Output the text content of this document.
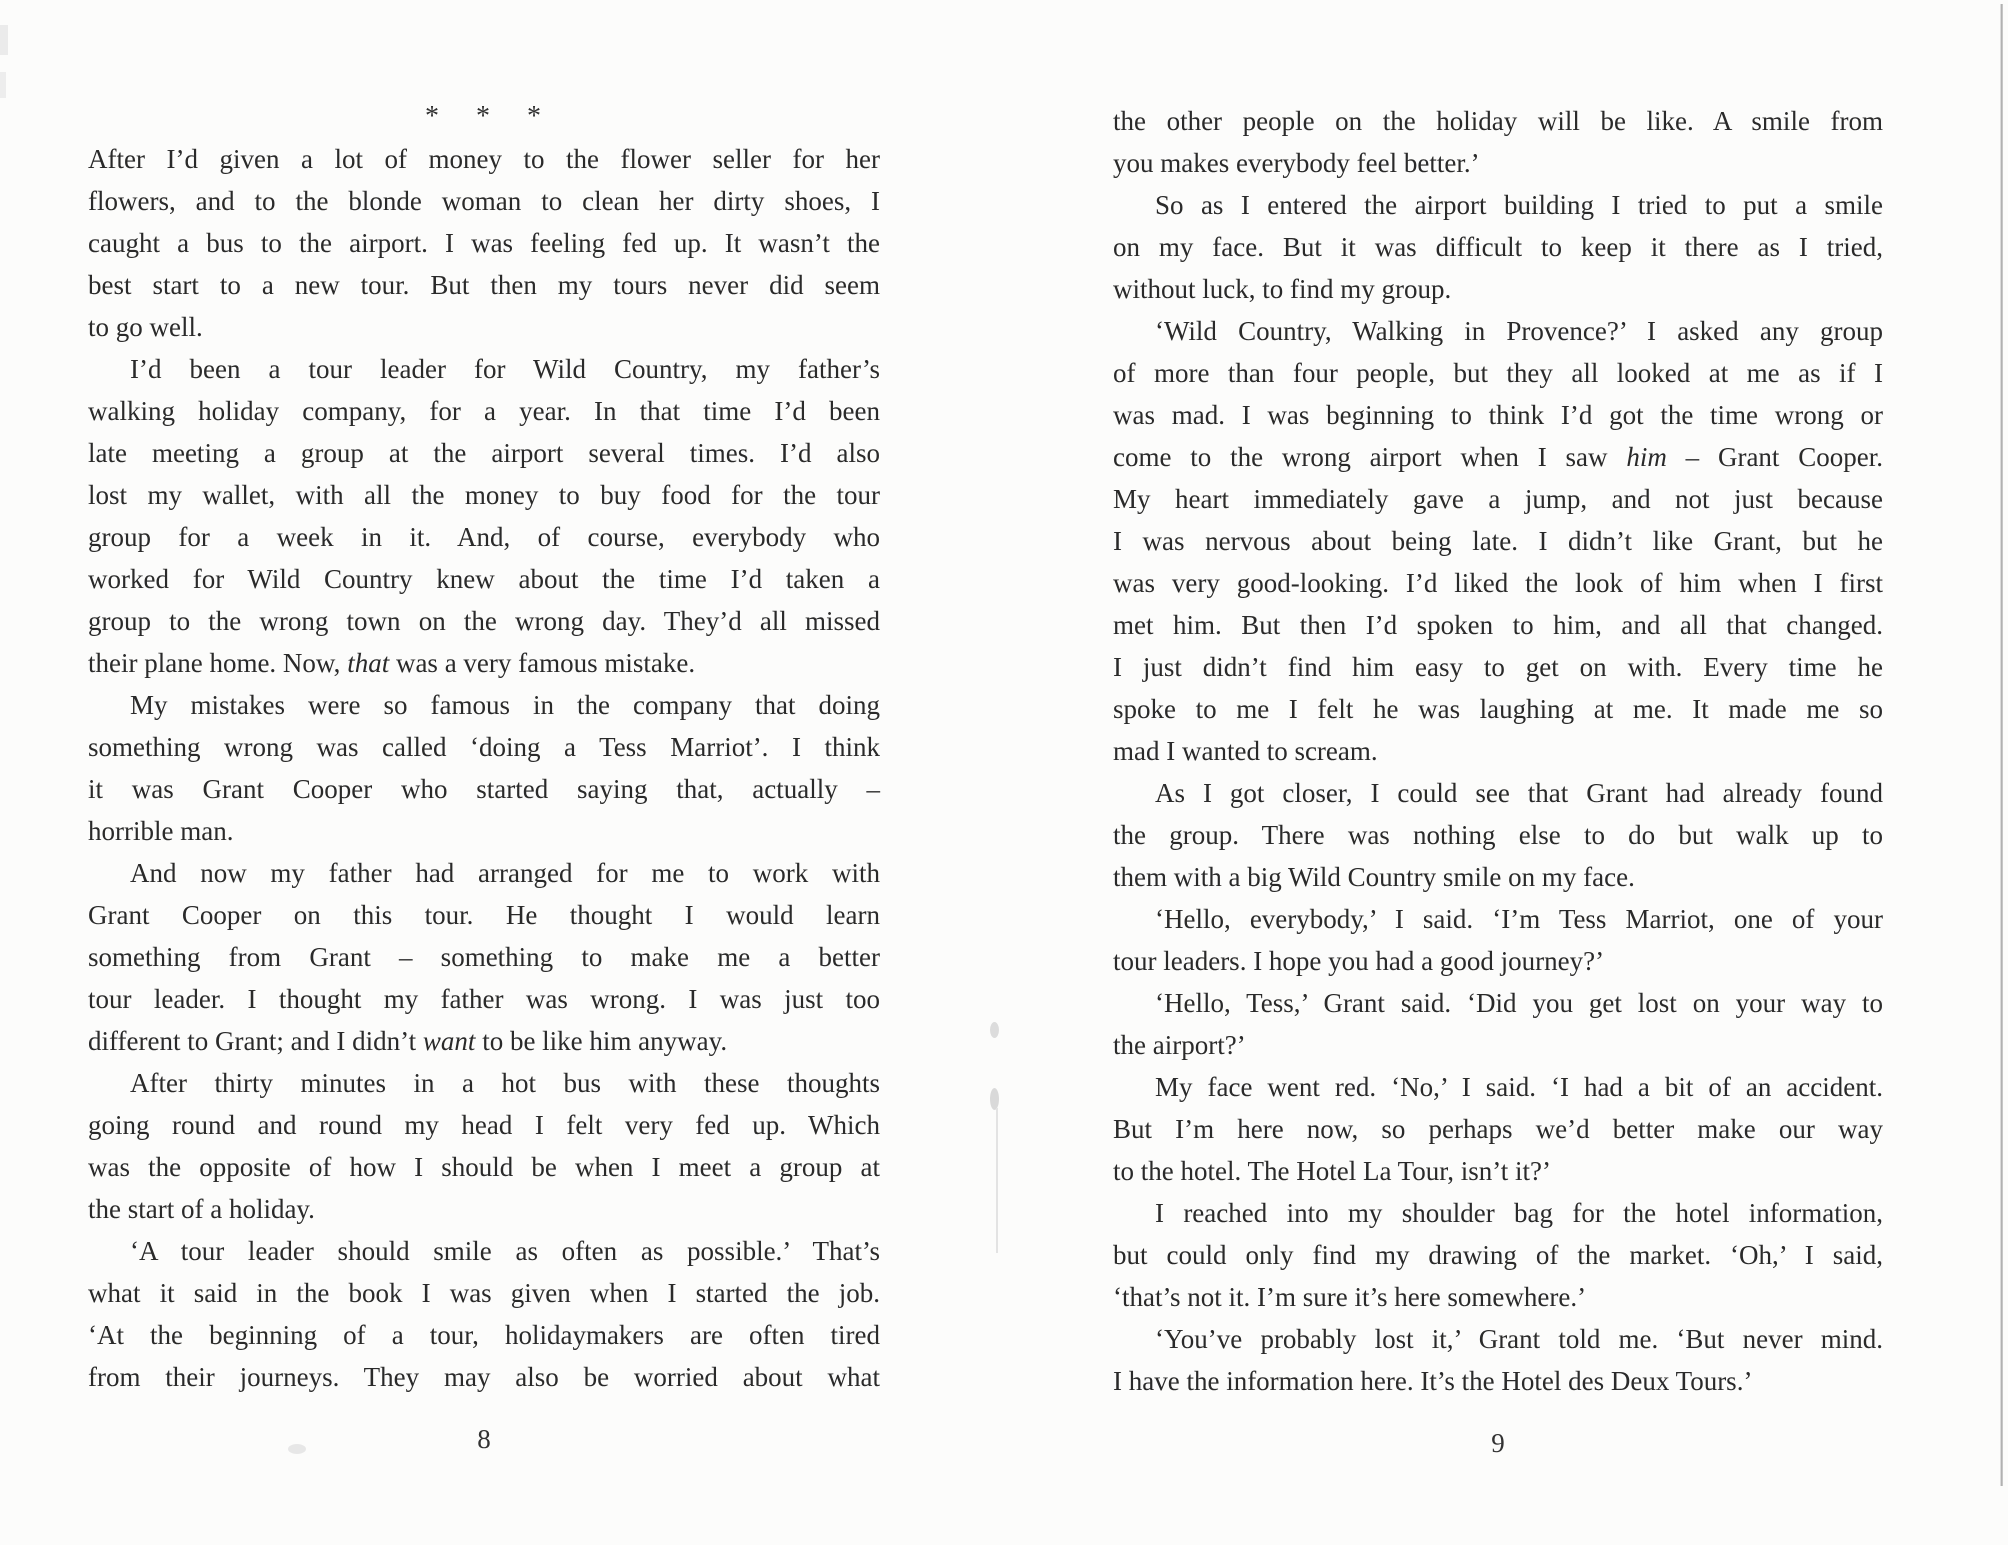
* * *
After I’d given a lot of money to the flower seller for her
flowers, and to the blonde woman to clean her dirty shoes, I
caught a bus to the airport. I was feeling fed up. It wasn’t the
best start to a new tour. But then my tours never did seem
to go well.
I’d been a tour leader for Wild Country, my father’s
walking holiday company, for a year. In that time I’d been
late meeting a group at the airport several times. I’d also
lost my wallet, with all the money to buy food for the tour
group for a week in it. And, of course, everybody who
worked for Wild Country knew about the time I’d taken a
group to the wrong town on the wrong day. They’d all missed
their plane home. Now, that was a very famous mistake.
My mistakes were so famous in the company that doing
something wrong was called ‘doing a Tess Marriot’. I think
it was Grant Cooper who started saying that, actually –
horrible man.
And now my father had arranged for me to work with
Grant Cooper on this tour. He thought I would learn
something from Grant – something to make me a better
tour leader. I thought my father was wrong. I was just too
different to Grant; and I didn’t want to be like him anyway.
After thirty minutes in a hot bus with these thoughts
going round and round my head I felt very fed up. Which
was the opposite of how I should be when I meet a group at
the start of a holiday.
‘A tour leader should smile as often as possible.’ That’s
what it said in the book I was given when I started the job.
‘At the beginning of a tour, holidaymakers are often tired
from their journeys. They may also be worried about what
8
the other people on the holiday will be like. A smile from
you makes everybody feel better.’
So as I entered the airport building I tried to put a smile
on my face. But it was difficult to keep it there as I tried,
without luck, to find my group.
‘Wild Country, Walking in Provence?’ I asked any group
of more than four people, but they all looked at me as if I
was mad. I was beginning to think I’d got the time wrong or
come to the wrong airport when I saw him – Grant Cooper.
My heart immediately gave a jump, and not just because
I was nervous about being late. I didn’t like Grant, but he
was very good-looking. I’d liked the look of him when I first
met him. But then I’d spoken to him, and all that changed.
I just didn’t find him easy to get on with. Every time he
spoke to me I felt he was laughing at me. It made me so
mad I wanted to scream.
As I got closer, I could see that Grant had already found
the group. There was nothing else to do but walk up to
them with a big Wild Country smile on my face.
‘Hello, everybody,’ I said. ‘I’m Tess Marriot, one of your
tour leaders. I hope you had a good journey?’
‘Hello, Tess,’ Grant said. ‘Did you get lost on your way to
the airport?’
My face went red. ‘No,’ I said. ‘I had a bit of an accident.
But I’m here now, so perhaps we’d better make our way
to the hotel. The Hotel La Tour, isn’t it?’
I reached into my shoulder bag for the hotel information,
but could only find my drawing of the market. ‘Oh,’ I said,
‘that’s not it. I’m sure it’s here somewhere.’
‘You’ve probably lost it,’ Grant told me. ‘But never mind.
I have the information here. It’s the Hotel des Deux Tours.’
9
